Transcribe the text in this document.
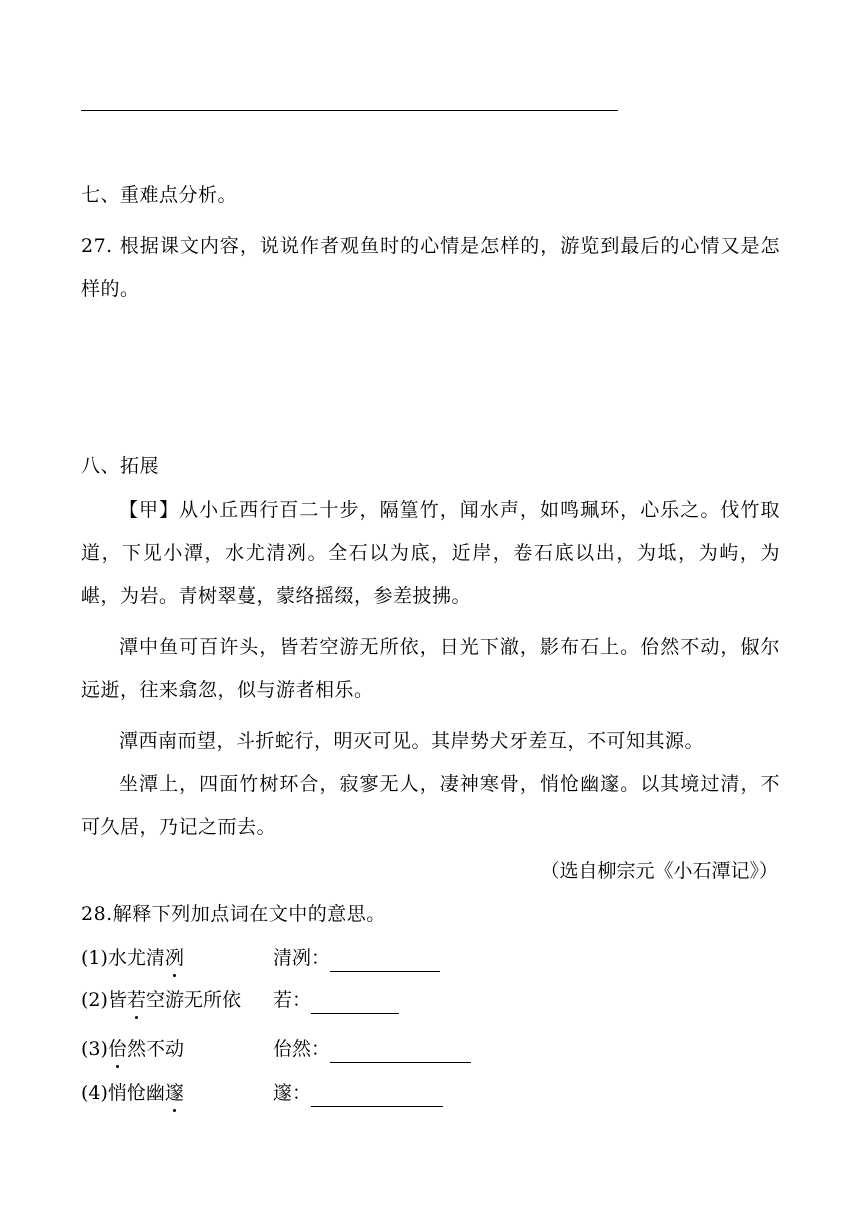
七、重难点分析。
27. 根据课文内容，说说作者观鱼时的心情是怎样的，游览到最后的心情又是怎样的。
八、拓展
【甲】从小丘西行百二十步，隔篁竹，闻水声，如鸣珮环，心乐之。伐竹取道，下见小潭，水尤清冽。全石以为底，近岸，卷石底以出，为坻，为屿，为嵁，为岩。青树翠蔓，蒙络摇缀，参差披拂。
潭中鱼可百许头，皆若空游无所依，日光下澈，影布石上。佁然不动，俶尔远逝，往来翕忽，似与游者相乐。
潭西南而望，斗折蛇行，明灭可见。其岸势犬牙差互，不可知其源。
坐潭上，四面竹树环合，寂寥无人，凄神寒骨，悄怆幽邃。以其境过清，不可久居，乃记之而去。
（选自柳宗元《小石潭记》）
28.解释下列加点词在文中的意思。
(1)水尤清冽	清冽：
(2)皆若空游无所依 若：
(3)佁然不动	佁然：
(4)悄怆幽邃	邃：
